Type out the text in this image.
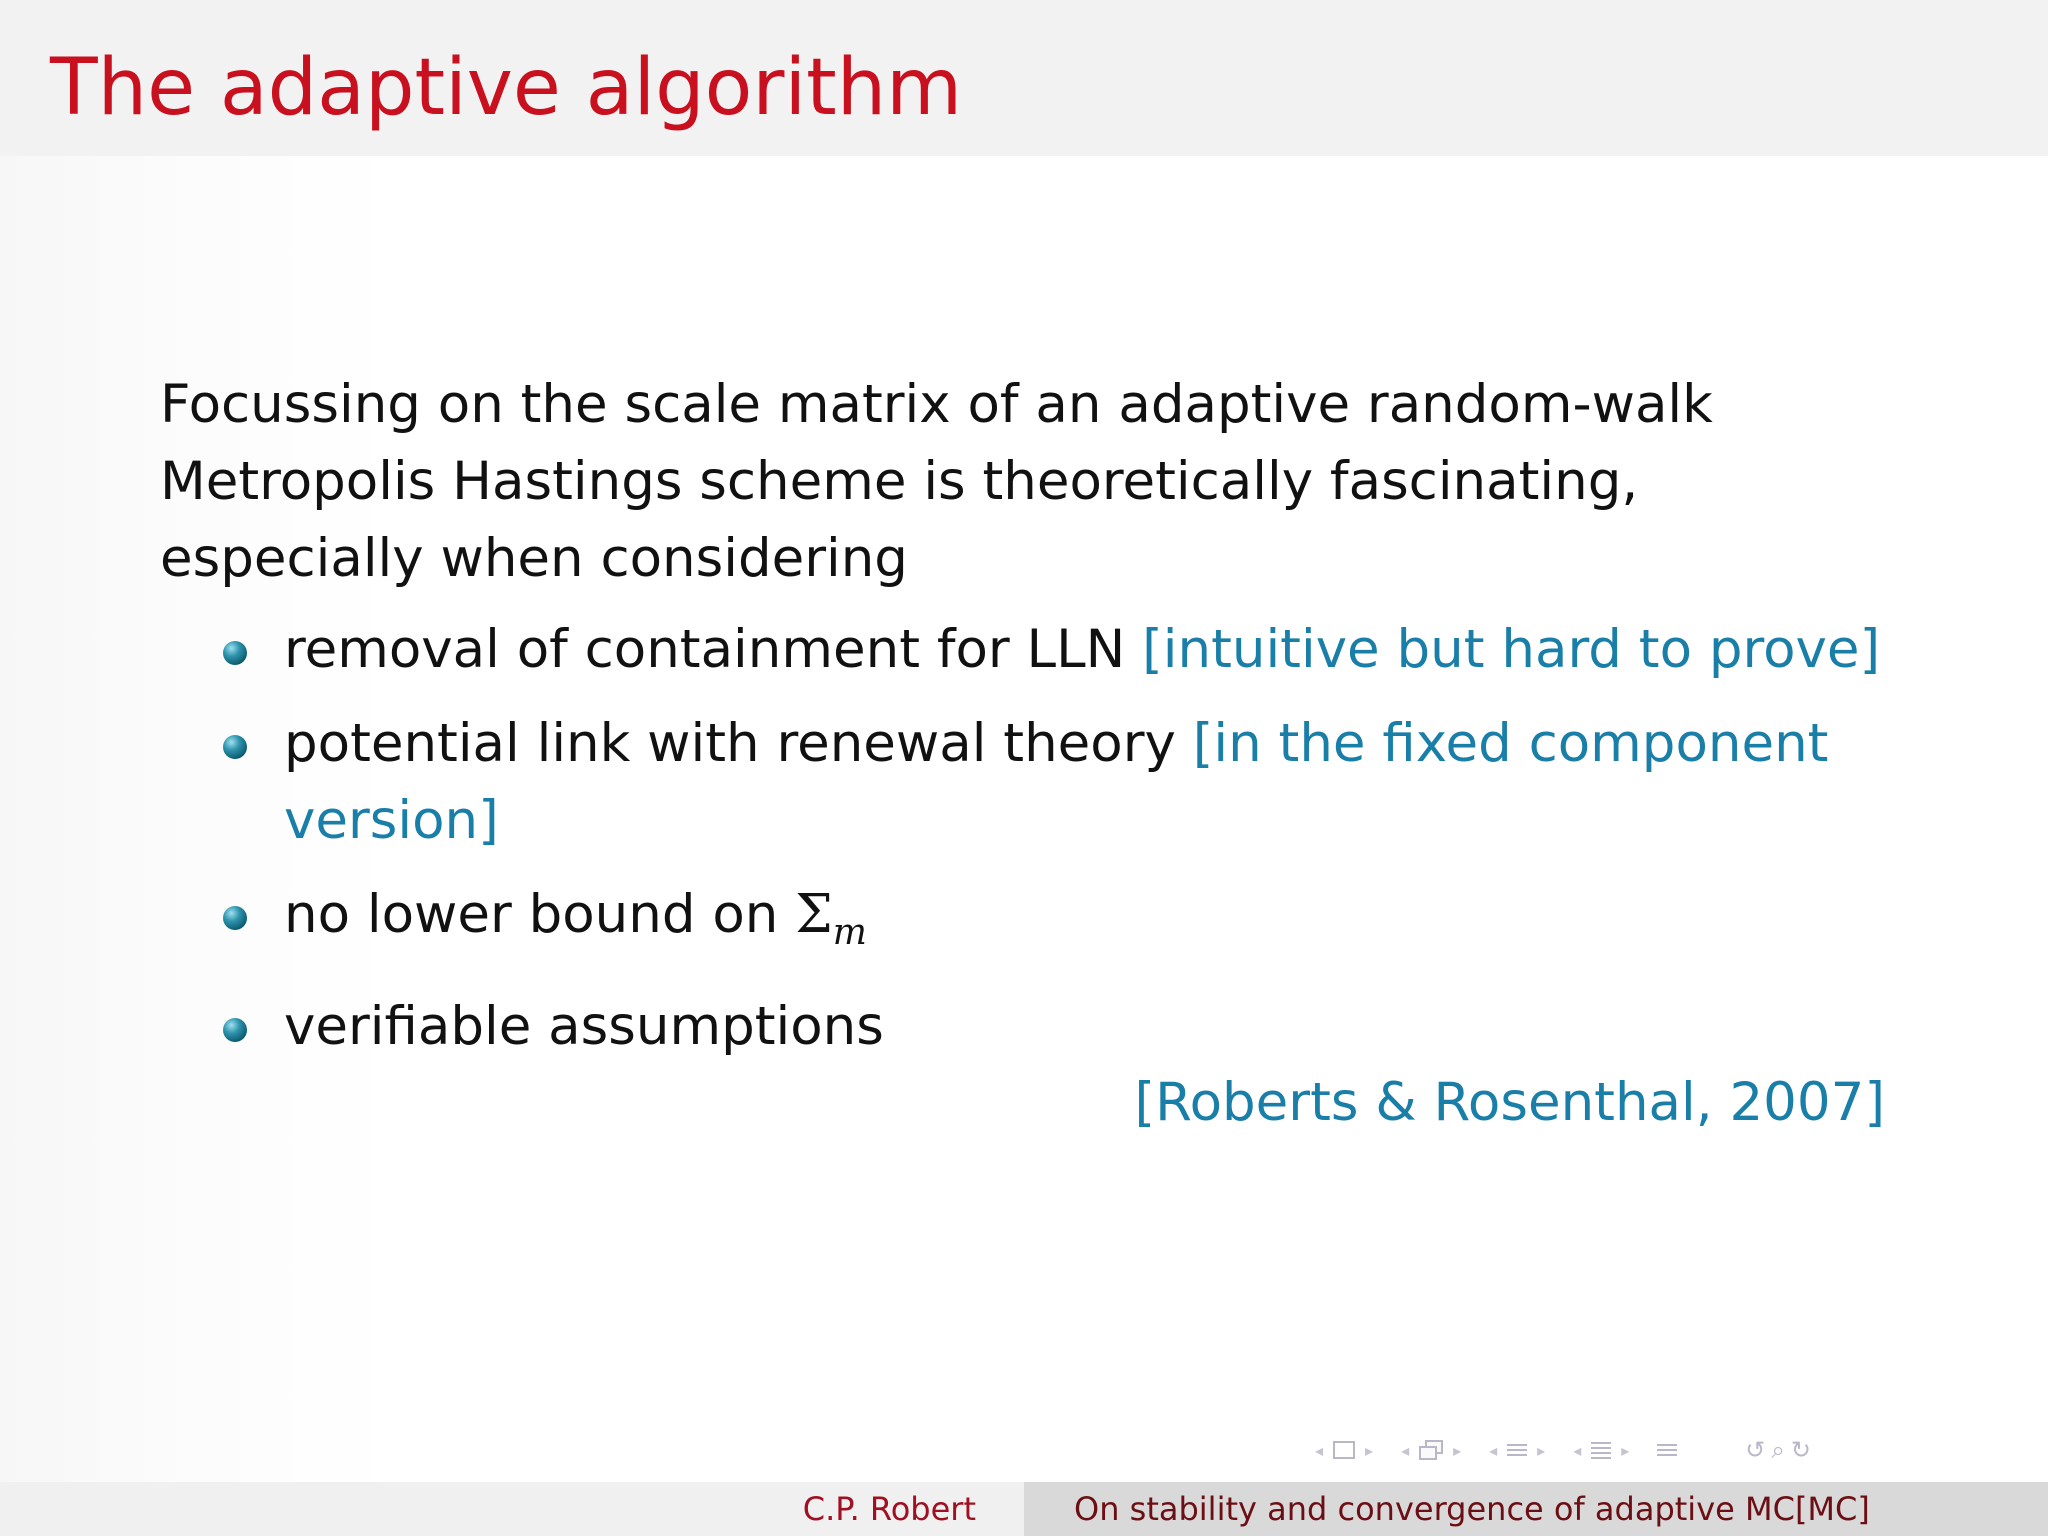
The adaptive algorithm

Focussing on the scale matrix of an adaptive random-walk Metropolis Hastings scheme is theoretically fascinating, especially when considering

removal of containment for LLN [intuitive but hard to prove]
potential link with renewal theory [in the fixed component version]
no lower bound on $\Sigma_m$
verifiable assumptions
[Roberts & Rosenthal, 2007]
◂	▸ ◂	▸ ◂	▸ ◂	▸	↺ ⌕ ↻
C.P. Robert	On stability and convergence of adaptive MC[MC]
